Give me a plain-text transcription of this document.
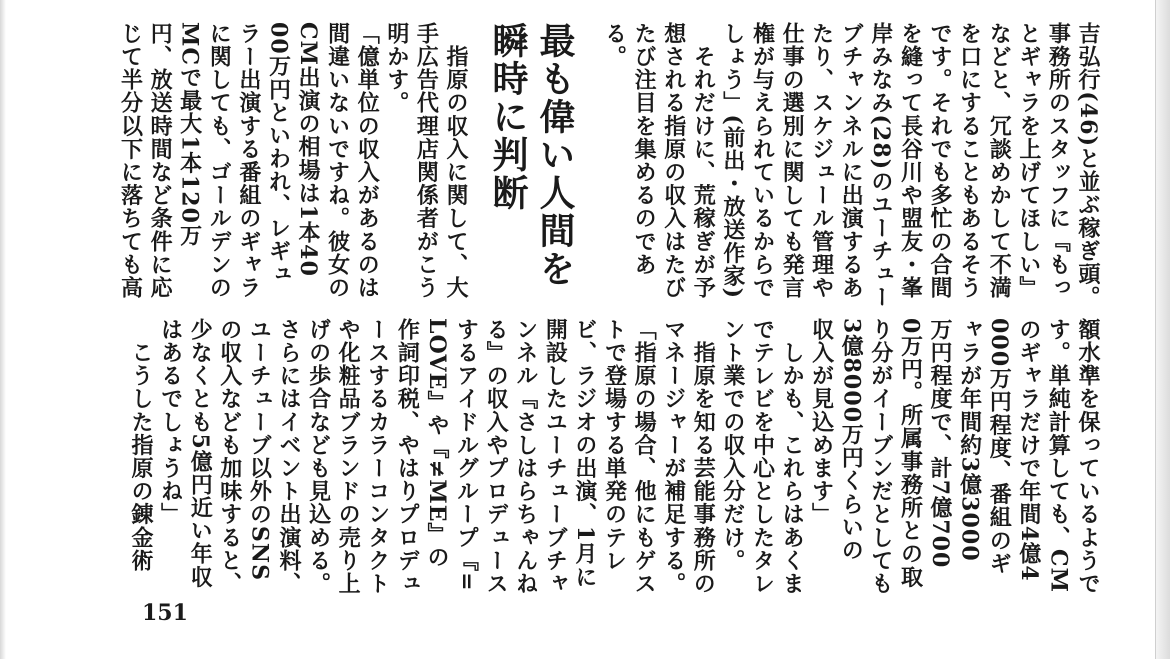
吉弘行(46)と並ぶ稼ぎ頭。
事務所のスタッフに『もっ
とギャラを上げてほしい』
などと、冗談めかして不満
を口にすることもあるそう
です。それでも多忙の合間
を縫って長谷川や盟友・峯
岸みなみ(28)のユーチュー
ブチャンネルに出演するあ
たり、スケジュール管理や
仕事の選別に関しても発言
権が与えられているからで
しょう」(前出・放送作家)
　それだけに、荒稼ぎが予
想される指原の収入はたび
たび注目を集めるのであ
る。
最も偉い人間を
瞬時に判断
　指原の収入に関して、大
手広告代理店関係者がこう
明かす。
「億単位の収入があるのは
間違いないですね。彼女の
CM出演の相場は1本40
00万円といわれ、レギュ
ラー出演する番組のギャラ
に関しても、ゴールデンの
MCで最大1本120万
円、放送時間など条件に応
じて半分以下に落ちても高
額水準を保っているようで
す。単純計算しても、CM
のギャラだけで年間4億4
000万円程度、番組のギ
ャラが年間約3億3000
万円程度で、計7億700
0万円。所属事務所との取
り分がイーブンだとしても
3億8000万円くらいの
収入が見込めます」
　しかも、これらはあくま
でテレビを中心としたタレ
ント業での収入分だけ。
　指原を知る芸能事務所の
マネージャーが補足する。
「指原の場合、他にもゲス
トで登場する単発のテレ
ビ、ラジオの出演、1月に
開設したユーチューブチャ
ンネル『さしはらちゃんね
る』の収入やプロデュース
するアイドルグループ『=
LOVE』や『≠ME』の
作詞印税、やはりプロデュ
ースするカラーコンタクト
や化粧品ブランドの売り上
げの歩合なども見込める。
さらにはイベント出演料、
ユーチューブ以外のSNS
の収入なども加味すると、
少なくとも5億円近い年収
はあるでしょうね」
　こうした指原の錬金術
151
